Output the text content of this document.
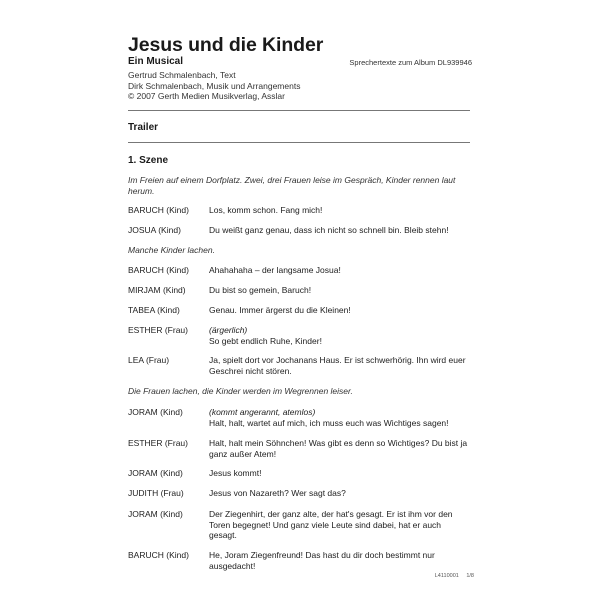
Jesus und die Kinder
Ein Musical	Sprechertexte zum Album DL939946
Gertrud Schmalenbach, Text
Dirk Schmalenbach, Musik und Arrangements
© 2007 Gerth Medien Musikverlag, Asslar
Trailer
1. Szene
Im Freien auf einem Dorfplatz. Zwei, drei Frauen leise im Gespräch, Kinder rennen laut herum.
BARUCH (Kind) Los, komm schon. Fang mich!
JOSUA (Kind)	Du weißt ganz genau, dass ich nicht so schnell bin. Bleib stehn!
Manche Kinder lachen.
BARUCH (Kind) Ahahahaha – der langsame Josua!
MIRJAM (Kind)	Du bist so gemein, Baruch!
TABEA (Kind)	Genau. Immer ärgerst du die Kleinen!
ESTHER (Frau) (ärgerlich)
So gebt endlich Ruhe, Kinder!
LEA (Frau)	Ja, spielt dort vor Jochanans Haus. Er ist schwerhörig. Ihn wird euer Geschrei nicht stören.
Die Frauen lachen, die Kinder werden im Wegrennen leiser.
JORAM (Kind)	(kommt angerannt, atemlos)
Halt, halt, wartet auf mich, ich muss euch was Wichtiges sagen!
ESTHER (Frau) Halt, halt mein Söhnchen! Was gibt es denn so Wichtiges? Du bist ja ganz außer Atem!
JORAM (Kind)	Jesus kommt!
JUDITH (Frau)	Jesus von Nazareth? Wer sagt das?
JORAM (Kind)	Der Ziegenhirt, der ganz alte, der hat's gesagt. Er ist ihm vor den Toren begegnet! Und ganz viele Leute sind dabei, hat er auch gesagt.
BARUCH (Kind) He, Joram Ziegenfreund! Das hast du dir doch bestimmt nur ausgedacht!
L4110001 1/8
